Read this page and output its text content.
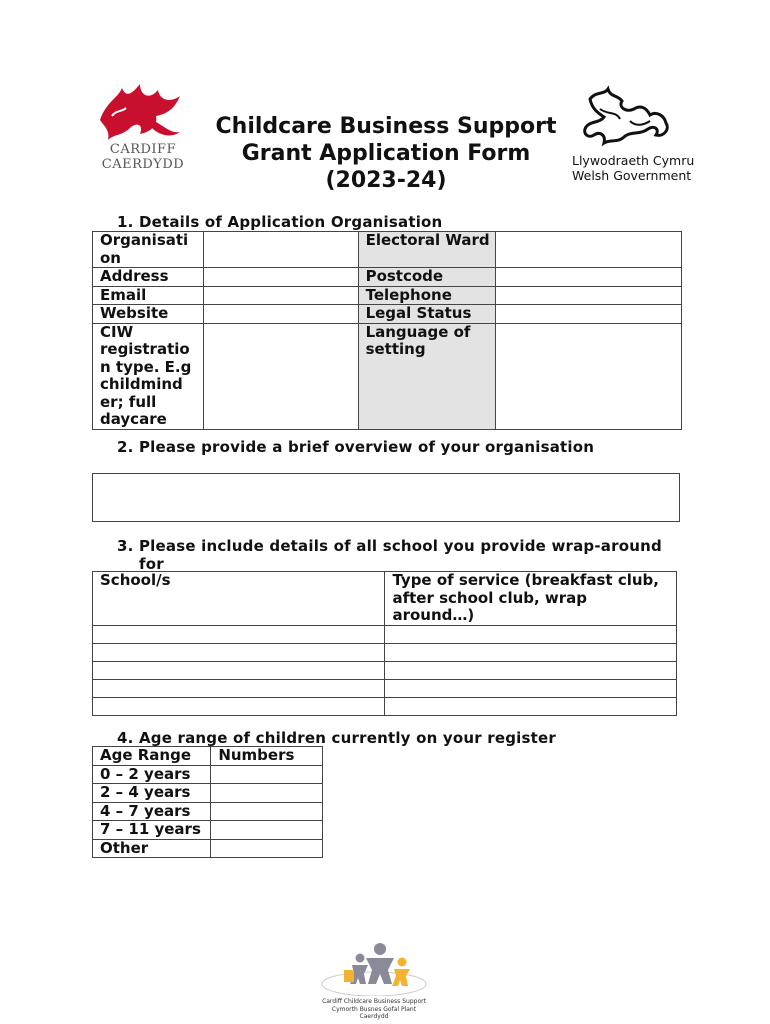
CARDIFF
CAERDYDD
Childcare Business Support
Grant Application Form
(2023-24)
Llywodraeth Cymru
Welsh Government
1. Details of Application Organisation
Organisati on		Electoral Ward	
Address		Postcode	
Email		Telephone	
Website		Legal Status	
CIW registratio n type. E.g childmind er; full daycare		Language of setting	
2. Please provide a brief overview of your organisation
3. Please include details of all school you provide wrap-around
for
School/s	Type of service (breakfast club, after school club, wrap around…)

4. Age range of children currently on your register
Age Range	Numbers
0 – 2 years	
2 – 4 years	
4 – 7 years	
7 – 11 years	
Other	
Cardiff Childcare Business Support
Cymorth Busnes Gofal Plant Caerdydd
